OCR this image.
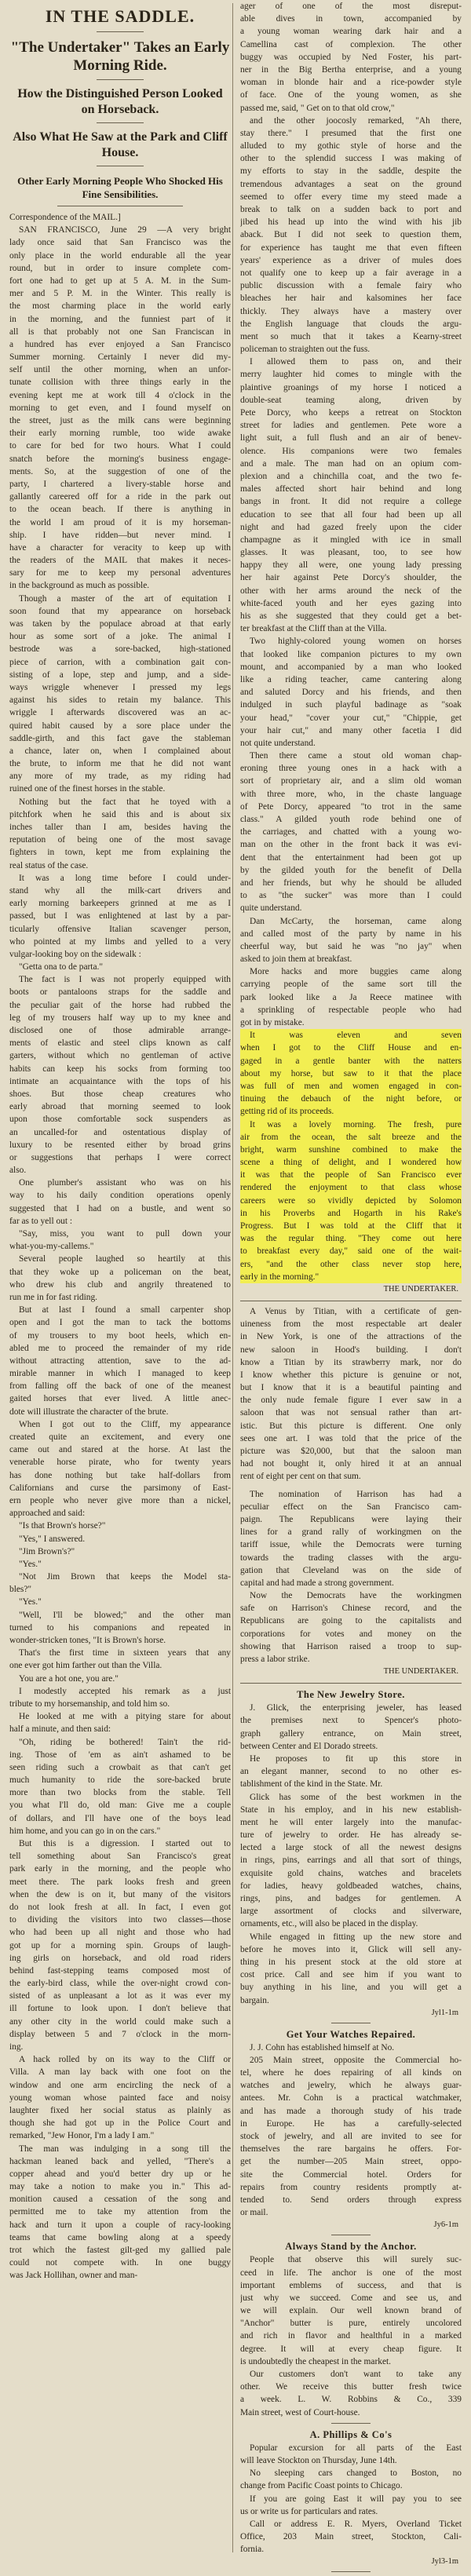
IN THE SADDLE.
"The Undertaker" Takes an Early Morning Ride.
How the Distinguished Person Looked on Horseback.
Also What He Saw at the Park and Cliff House.
Other Early Morning People Who Shocked His Fine Sensibilities.
Correspondence of the MAIL.]
SAN FRANCISCO, June 29 —A very bright
lady once said that San Francisco was the
only place in the world endurable all the year
round, but in order to insure complete com-
fort one had to get up at 5 A. M. in the Sum-
mer and 5 P. M. in the Winter. This really is
the most charming place in the world early
in the morning, and the funniest part of it
all is that probably not one San Franciscan in
a hundred has ever enjoyed a San Francisco
Summer morning. Certainly I never did my-
self until the other morning, when an unfor-
tunate collision with three things early in the
evening kept me at work till 4 o'clock in the
morning to get even, and I found myself on
the street, just as the milk cans were beginning
their early morning rumble, too wide awake
to care for bed for two hours. What I could
snatch before the morning's business engage-
ments. So, at the suggestion of one of the
party, I chartered a livery-stable horse and
gallantly careered off for a ride in the park out
to the ocean beach. If there is anything in
the world I am proud of it is my horseman-
ship. I have ridden—but never mind. I
have a character for veracity to keep up with
the readers of the MAIL that makes it neces-
sary for me to keep my personal adventures
in the background as much as possible.
Though a master of the art of equitation I
soon found that my appearance on horseback
was taken by the populace abroad at that early
hour as some sort of a joke. The animal I
bestrode was a sore-backed, high-stationed
piece of carrion, with a combination gait con-
sisting of a lope, step and jump, and a side-
ways wriggle whenever I pressed my legs
against his sides to retain my balance. This
wriggle I afterwards discovered was an ac-
quired habit caused by a sore place under the
saddle-girth, and this fact gave the stableman
a chance, later on, when I complained about
the brute, to inform me that he did not want
any more of my trade, as my riding had
ruined one of the finest horses in the stable.
Nothing but the fact that he toyed with a
pitchfork when he said this and is about six
inches taller than I am, besides having the
reputation of being one of the most savage
fighters in town, kept me from explaining the
real status of the case.
It was a long time before I could under-
stand why all the milk-cart drivers and
early morning barkeepers grinned at me as I
passed, but I was enlightened at last by a par-
ticularly offensive Italian scavenger person,
who pointed at my limbs and yelled to a very
vulgar-looking boy on the sidewalk :
"Getta ona to de parta."
The fact is I was not properly equipped with
boots or pantaloons straps for the saddle and
the peculiar gait of the horse had rubbed the
leg of my trousers half way up to my knee and
disclosed one of those admirable arrange-
ments of elastic and steel clips known as calf
garters, without which no gentleman of active
habits can keep his socks from forming too
intimate an acquaintance with the tops of his
shoes. But those cheap creatures who
early abroad that morning seemed to look
upon those comfortable sock suspenders as
an uncalled-for and ostentatious display of
luxury to be resented either by broad grins
or suggestions that perhaps I were correct
also.
One plumber's assistant who was on his
way to his daily condition operations openly
suggested that I had on a bustle, and went so
far as to yell out :
"Say, miss, you want to pull down your
what-you-my-callems."
Several people laughed so heartily at this
that they woke up a policeman on the beat,
who drew his club and angrily threatened to
run me in for fast riding.
But at last I found a small carpenter shop
open and I got the man to tack the bottoms
of my trousers to my boot heels, which en-
abled me to proceed the remainder of my ride
without attracting attention, save to the ad-
mirable manner in which I managed to keep
from falling off the back of one of the meanest
gaited horses that ever lived. A little anec-
dote will illustrate the character of the brute.
When I got out to the Cliff, my appearance
created quite an excitement, and every one
came out and stared at the horse. At last the
venerable horse pirate, who for twenty years
has done nothing but take half-dollars from
Californians and curse the parsimony of East-
ern people who never give more than a nickel,
approached and said:
"Is that Brown's horse?"
"Yes," I answered.
"Jim Brown's?"
"Yes."
"Not Jim Brown that keeps the Model sta-
bles?"
"Yes."
"Well, I'll be blowed;" and the other man
turned to his companions and repeated in
wonder-stricken tones, "It is Brown's horse.
That's the first time in sixteen years that any
one ever got him farther out than the Villa.
You are a hot one, you are."
I modestly accepted his remark as a just
tribute to my horsemanship, and told him so.
He looked at me with a pitying stare for about
half a minute, and then said:
"Oh, riding be bothered! Tain't the rid-
ing. Those of 'em as ain't ashamed to be
seen riding such a crowbait as that can't get
much humanity to ride the sore-backed brute
more than two blocks from the stable. Tell
you what I'll do, old man: Give me a couple
of dollars, and I'll have one of the boys lead
him home, and you can go in on the cars."
But this is a digression. I started out to
tell something about San Francisco's great
park early in the morning, and the people who
meet there. The park looks fresh and green
when the dew is on it, but many of the visitors
do not look fresh at all. In fact, I even got
to dividing the visitors into two classes—those
who had been up all night and those who had
got up for a morning spin. Groups of laugh-
ing girls on horseback, and old road riders
behind fast-stepping teams composed most of
the early-bird class, while the over-night crowd con-
sisted of as unpleasant a lot as it was ever my
ill fortune to look upon. I don't believe that
any other city in the world could make such a
display between 5 and 7 o'clock in the morn-
ing.
A hack rolled by on its way to the Cliff or
Villa. A man lay back with one foot on the
window and one arm encircling the neck of a
young woman whose painted face and noisy
laughter fixed her social status as plainly as
though she had got up in the Police Court and
remarked, "Jew Honor, I'm a lady I am."
The man was indulging in a song till the
hackman leaned back and yelled, "There's a
copper ahead and you'd better dry up or he
may take a notion to make you in." This ad-
monition caused a cessation of the song and
permitted me to take my attention from the
hack and turn it upon a couple of racy-looking
teams that came bowling along at a speedy
trot which the fastest gilt-ged my gallied pale
could not compete with. In one buggy
was Jack Hollihan, owner and man-
ager of one of the most disreput-
able dives in town, accompanied by
a young woman wearing dark hair and a
Camellina cast of complexion. The other
buggy was occupied by Ned Foster, his part-
ner in the Big Bertha enterprise, and a young
woman in blonde hair and a rice-powder style
of face. One of the young women, as she
passed me, said, " Get on to that old crow,"
and the other joocosly remarked, "Ah there,
stay there." I presumed that the first one
alluded to my gothic style of horse and the
other to the splendid success I was making of
my efforts to stay in the saddle, despite the
tremendous advantages a seat on the ground
seemed to offer every time my steed made a
break to talk on a sudden back to port and
jibed his head up into the wind with his jib
aback. But I did not seek to question them,
for experience has taught me that even fifteen
years' experience as a driver of mules does
not qualify one to keep up a fair average in a
public discussion with a female fairy who
bleaches her hair and kalsomines her face
thickly. They always have a mastery over
the English language that clouds the argu-
ment so much that it takes a Kearny-street
policeman to straighten out the fuss.
I allowed them to pass on, and their
merry laughter hid comes to mingle with the
plaintive groanings of my horse I noticed a
double-seat teaming along, driven by
Pete Dorcy, who keeps a retreat on Stockton
street for ladies and gentlemen. Pete wore a
light suit, a full flush and an air of benev-
olence. His companions were two females
and a male. The man had on an opium com-
plexion and a chinchilla coat, and the two fe-
males affected short hair behind and long
bangs in front. It did not require a college
education to see that all four had been up all
night and had gazed freely upon the cider
champagne as it mingled with ice in small
glasses. It was pleasant, too, to see how
happy they all were, one young lady pressing
her hair against Pete Dorcy's shoulder, the
other with her arms around the neck of the
white-faced youth and her eyes gazing into
his as she suggested that they could get a bet-
ter breakfast at the Cliff than at the Villa.
Two highly-colored young women on horses
that looked like companion pictures to my own
mount, and accompanied by a man who looked
like a riding teacher, came cantering along
and saluted Dorcy and his friends, and then
indulged in such playful badinage as "soak
your head," "cover your cut," "Chippie, get
your hair cut," and many other facetia I did
not quite understand.
Then there came a stout old woman chap-
eroning three young ones in a hack with a
sort of proprietary air, and a slim old woman
with three more, who, in the chaste language
of Pete Dorcy, appeared "to trot in the same
class." A gilded youth rode behind one of
the carriages, and chatted with a young wo-
man on the other in the front back it was evi-
dent that the entertainment had been got up
by the gilded youth for the benefit of Della
and her friends, but why he should be alluded
to as "the sucker" was more than I could
quite understand.
Dan McCarty, the horseman, came along
and called most of the party by name in his
cheerful way, but said he was "no jay" when
asked to join them at breakfast.
More hacks and more buggies came along
carrying people of the same sort till the
park looked like a Ja Reece matinee with
a sprinkling of respectable people who had
got in by mistake.
It was eleven and seven
when I got to the Cliff House and en-
gaged in a gentle banter with the natters
about my horse, but saw to it that the place
was full of men and women engaged in con-
tinuing the debauch of the night before, or
getting rid of its proceeds.
It was a lovely morning. The fresh, pure
air from the ocean, the salt breeze and the
bright, warm sunshine combined to make the
scene a thing of delight, and I wondered how
it was that the people of San Francisco ever
rendered the enjoyment to that class whose
careers were so vividly depicted by Solomon
in his Proverbs and Hogarth in his Rake's
Progress. But I was told at the Cliff that it
was the regular thing. "They come out here
to breakfast every day," said one of the wait-
ers, "and the other class never stop here,
early in the morning."
THE UNDERTAKER.
A Venus by Titian, with a certificate of gen-
uineness from the most respectable art dealer
in New York, is one of the attractions of the
new saloon in Hood's building. I don't
know a Titian by its strawberry mark, nor do
I know whether this picture is genuine or not,
but I know that it is a beautiful painting and
the only nude female figure I ever saw in a
saloon that was not sensual rather than art-
istic. But this picture is different. One only
sees one art. I was told that the price of the
picture was $20,000, but that the saloon man
had not bought it, only hired it at an annual
rent of eight per cent on that sum.
The nomination of Harrison has had a
peculiar effect on the San Francisco cam-
paign. The Republicans were laying their
lines for a grand rally of workingmen on the
tariff issue, while the Democrats were turning
towards the trading classes with the argu-
gation that Cleveland was on the side of
capital and had made a strong government.
Now the Democrats have the workingmen
safe on Harrison's Chinese record, and the
Republicans are going to the capitalists and
corporations for votes and money on the
showing that Harrison raised a troop to sup-
press a labor strike.
THE UNDERTAKER.
The New Jewelry Store.
J. Glick, the enterprising jeweler, has leased
the premises next to Spencer's photo-
graph gallery entrance, on Main street,
between Center and El Dorado streets.
He proposes to fit up this store in
an elegant manner, second to no other es-
tablishment of the kind in the State. Mr.
Glick has some of the best workmen in the
State in his employ, and in his new establish-
ment he will enter largely into the manufac-
ture of jewelry to order. He has already se-
lected a large stock of all the newest designs
in rings, pins, earrings and all that sort of things,
exquisite gold chains, watches and bracelets
for ladies, heavy goldbeaded watches, chains,
rings, pins, and badges for gentlemen. A
large assortment of clocks and silverware,
ornaments, etc., will also be placed in the display.
While engaged in fitting up the new store and
before he moves into it, Glick will sell any-
thing in his present stock at the old store at
cost price. Call and see him if you want to
buy anything in his line, and you will get a
bargain.
Jyl1-1m
Get Your Watches Repaired.
J. J. Cohn has established himself at No.
205 Main street, opposite the Commercial ho-
tel, where he does repairing of all kinds on
watches and jewelry, which he always guar-
antees. Mr. Cohn is a practical watchmaker,
and has made a thorough study of his trade
in Europe. He has a carefully-selected
stock of jewelry, and all are invited to see for
themselves the rare bargains he offers. For-
get the number—205 Main street, oppo-
site the Commercial hotel. Orders for
repairs from country residents promptly at-
tended to. Send orders through express
or mail.
Jy6-1m
Always Stand by the Anchor.
People that observe this will surely suc-
ceed in life. The anchor is one of the most
important emblems of success, and that is
just why we succeed. Come and see us, and
we will explain. Our well known brand of
"Anchor" butter is pure, entirely uncolored
and rich in flavor and healthful in a marked
degree. It will at every cheap figure. It
is undoubtedly the cheapest in the market.
Our customers don't want to take any
other. We receive this butter fresh twice
a week. L. W. Robbins & Co., 339
Main street, west of Court-house.
A. Phillips & Co's
Popular excursion for all parts of the East
will leave Stockton on Thursday, June 14th.
No sleeping cars changed to Boston, no
change from Pacific Coast points to Chicago.
If you are going East it will pay you to see
us or write us for particulars and rates.
Call or address E. R. Myers, Overland Ticket
Office, 203 Main street, Stockton, Cali-
fornia.
Jyl3-1m
